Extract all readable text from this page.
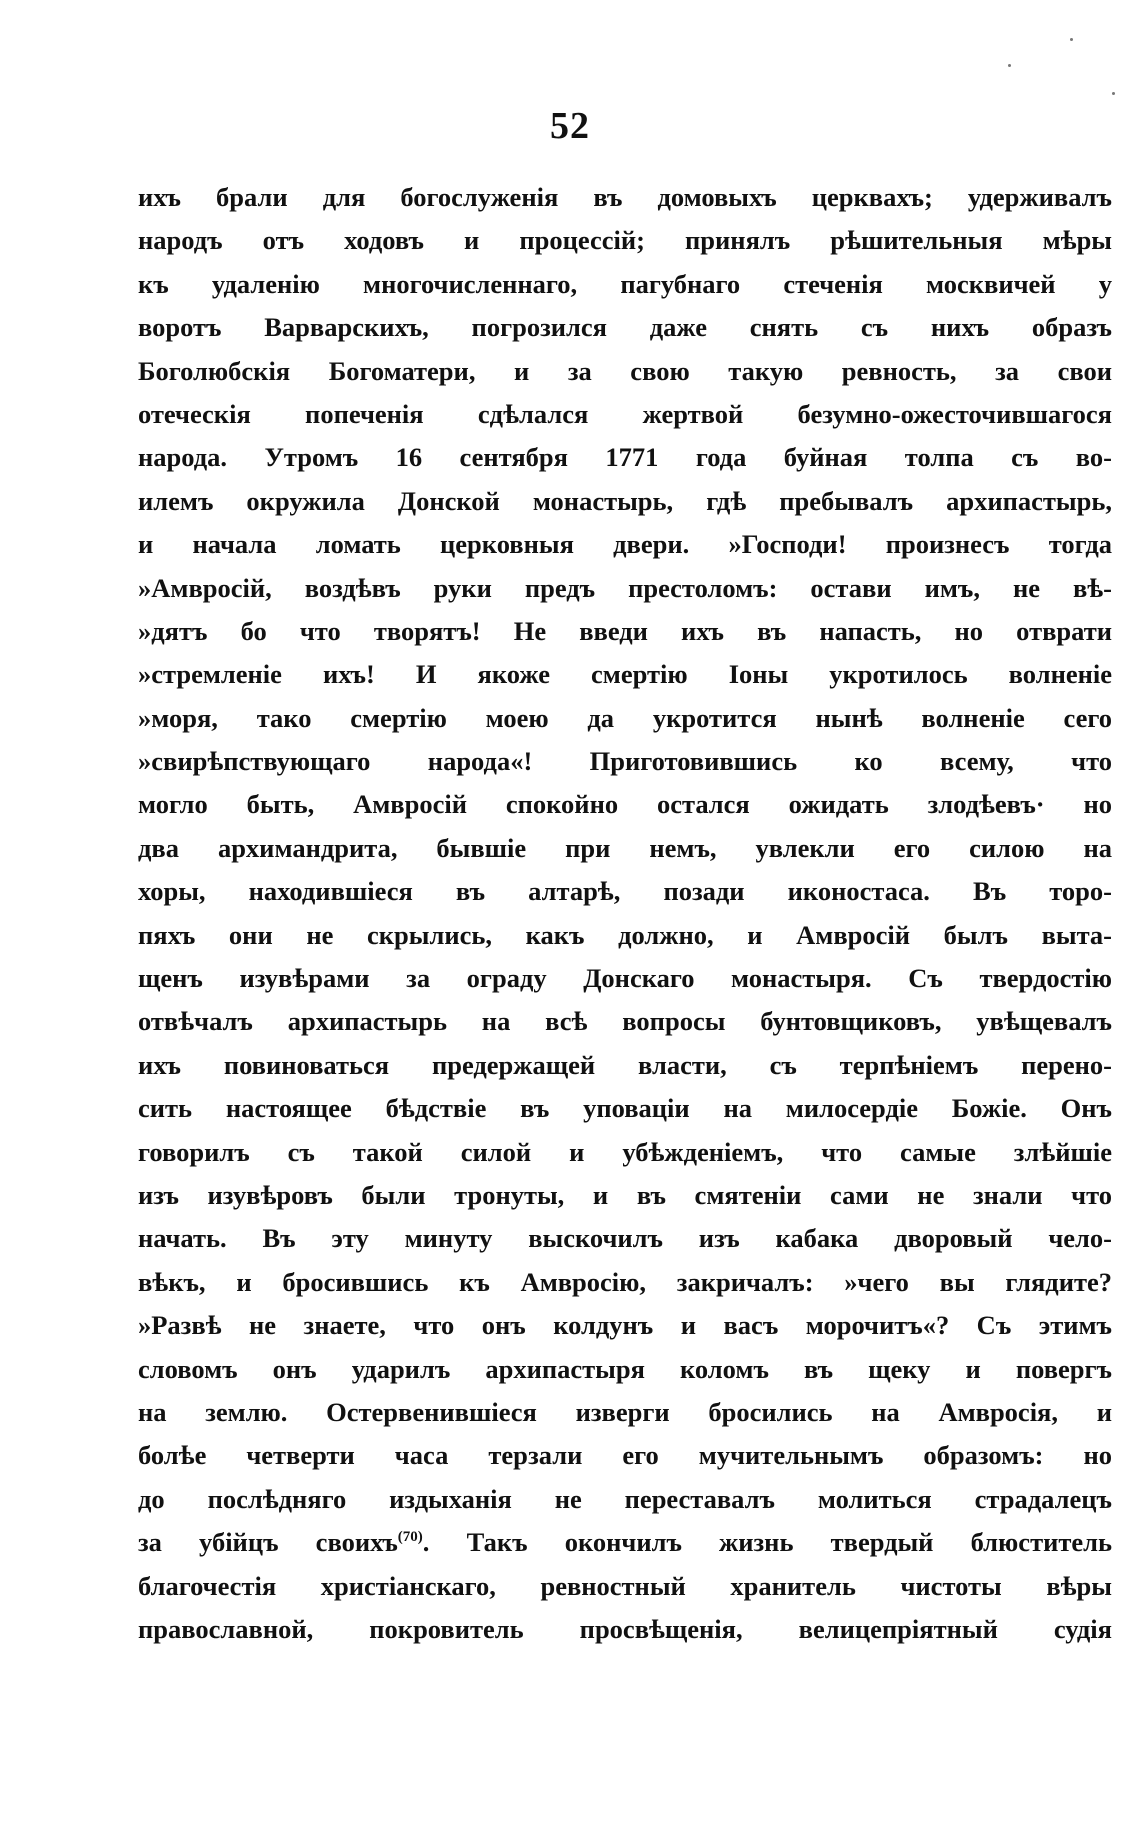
52
ихъ брали для богослуженія въ домовыхъ церквахъ; удерживалъ
народъ отъ ходовъ и процессій; принялъ рѣшительныя мѣры
къ удаленію многочисленнаго, пагубнаго стеченія москвичей у
воротъ Варварскихъ, погрозился даже снять съ нихъ образъ
Боголюбскія Богоматери, и за свою такую ревность, за свои
отеческія попеченія сдѣлался жертвой безумно-ожесточившагося
народа. Утромъ 16 сентября 1771 года буйная толпа съ во-
илемъ окружила Донской монастырь, гдѣ пребывалъ архипастырь,
и начала ломать церковныя двери. »Господи! произнесъ тогда
»Амвросій, воздѣвъ руки предъ престоломъ: остави имъ, не вѣ-
»дятъ бо что творятъ! Не введи ихъ въ напасть, но отврати
»стремленіе ихъ! И якоже смертію Іоны укротилось волненіе
»моря, тако смертію моею да укротится нынѣ волненіе сего
»свирѣпствующаго народа«! Приготовившись ко всему, что
могло быть, Амвросій спокойно остался ожидать злодѣевъ· но
два архимандрита, бывшіе при немъ, увлекли его силою на
хоры, находившіеся въ алтарѣ, позади иконостаса. Въ торо-
пяхъ они не скрылись, какъ должно, и Амвросій былъ выта-
щенъ изувѣрами за ограду Донскаго монастыря. Съ твердостію
отвѣчалъ архипастырь на всѣ вопросы бунтовщиковъ, увѣщевалъ
ихъ повиноваться предержащей власти, съ терпѣніемъ перено-
сить настоящее бѣдствіе въ уповаціи на милосердіе Божіе. Онъ
говорилъ съ такой силой и убѣжденіемъ, что самые злѣйшіе
изъ изувѣровъ были тронуты, и въ смятеніи сами не знали что
начать. Въ эту минуту выскочилъ изъ кабака дворовый чело-
вѣкъ, и бросившись къ Амвросію, закричалъ: »чего вы глядите?
»Развѣ не знаете, что онъ колдунъ и васъ морочитъ«? Съ этимъ
словомъ онъ ударилъ архипастыря коломъ въ щеку и повергъ
на землю. Остервенившіеся изверги бросились на Амвросія, и
болѣе четверти часа терзали его мучительнымъ образомъ: но
до послѣдняго издыханія не переставалъ молиться страдалецъ
за убійцъ своихъ$^{(70)}$. Такъ окончилъ жизнь твердый блюститель
благочестія христіанскаго, ревностный хранитель чистоты вѣры
православной, покровитель просвѣщенія, велицепріятный судія
